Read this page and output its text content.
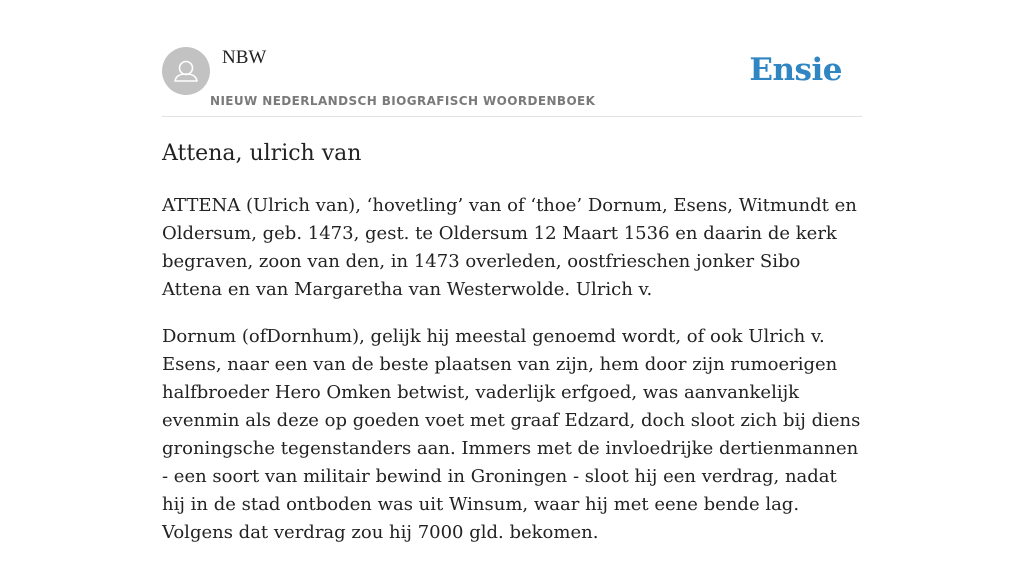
NBW
NIEUW NEDERLANDSCH BIOGRAFISCH WOORDENBOEK
Ensie
Attena, ulrich van

ATTENA (Ulrich van), ‘hovetling’ van of ‘thoe’ Dornum, Esens, Witmundt en Oldersum, geb. 1473, gest. te Oldersum 12 Maart 1536 en daarin de kerk begraven, zoon van den, in 1473 overleden, oostfrieschen jonker Sibo Attena en van Margaretha van Westerwolde. Ulrich v.

Dornum (ofDornhum), gelijk hij meestal genoemd wordt, of ook Ulrich v. Esens, naar een van de beste plaatsen van zijn, hem door zijn rumoerigen halfbroeder Hero Omken betwist, vaderlijk erfgoed, was aanvankelijk evenmin als deze op goeden voet met graaf Edzard, doch sloot zich bij diens groningsche tegenstanders aan. Immers met de invloedrijke dertienmannen - een soort van militair bewind in Groningen - sloot hij een verdrag, nadat hij in de stad ontboden was uit Winsum, waar hij met eene bende lag. Volgens dat verdrag zou hij 7000 gld. bekomen.
